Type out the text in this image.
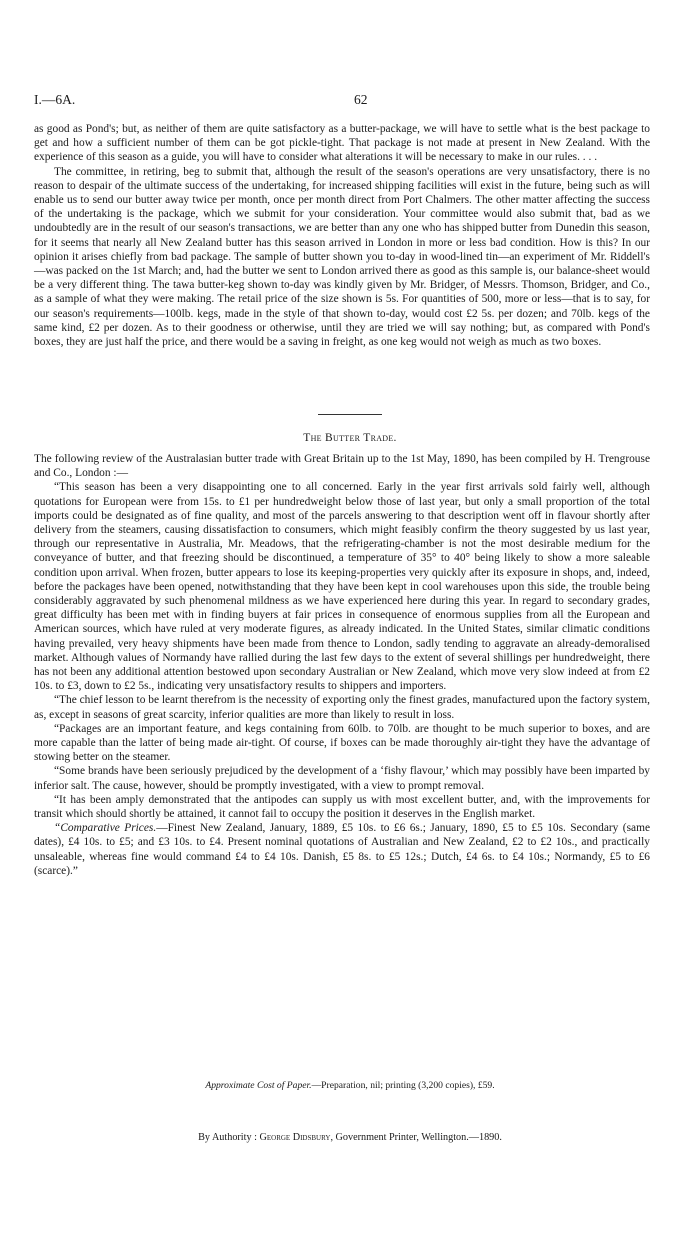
I.—6A.	62

as good as Pond's; but, as neither of them are quite satisfactory as a butter-package, we will have to settle what is the best package to get and how a sufficient number of them can be got pickle-tight. That package is not made at present in New Zealand. With the experience of this season as a guide, you will have to consider what alterations it will be necessary to make in our rules. . . .

The committee, in retiring, beg to submit that, although the result of the season's operations are very unsatisfactory, there is no reason to despair of the ultimate success of the undertaking, for increased shipping facilities will exist in the future, being such as will enable us to send our butter away twice per month, once per month direct from Port Chalmers. The other matter affecting the success of the undertaking is the package, which we submit for your consideration. Your committee would also submit that, bad as we undoubtedly are in the result of our season's transactions, we are better than any one who has shipped butter from Dunedin this season, for it seems that nearly all New Zealand butter has this season arrived in London in more or less bad condition. How is this? In our opinion it arises chiefly from bad package. The sample of butter shown you to-day in wood-lined tin—an experiment of Mr. Riddell's—was packed on the 1st March; and, had the butter we sent to London arrived there as good as this sample is, our balance-sheet would be a very different thing. The tawa butter-keg shown to-day was kindly given by Mr. Bridger, of Messrs. Thomson, Bridger, and Co., as a sample of what they were making. The retail price of the size shown is 5s. For quantities of 500, more or less—that is to say, for our season's requirements—100lb. kegs, made in the style of that shown to-day, would cost £2 5s. per dozen; and 70lb. kegs of the same kind, £2 per dozen. As to their goodness or otherwise, until they are tried we will say nothing; but, as compared with Pond's boxes, they are just half the price, and there would be a saving in freight, as one keg would not weigh as much as two boxes.

The Butter Trade.

The following review of the Australasian butter trade with Great Britain up to the 1st May, 1890, has been compiled by H. Trengrouse and Co., London :—

“This season has been a very disappointing one to all concerned. Early in the year first arrivals sold fairly well, although quotations for European were from 15s. to £1 per hundredweight below those of last year, but only a small proportion of the total imports could be designated as of fine quality, and most of the parcels answering to that description went off in flavour shortly after delivery from the steamers, causing dissatisfaction to consumers, which might feasibly confirm the theory suggested by us last year, through our representative in Australia, Mr. Meadows, that the refrigerating-chamber is not the most desirable medium for the conveyance of butter, and that freezing should be discontinued, a temperature of 35° to 40° being likely to show a more saleable condition upon arrival. When frozen, butter appears to lose its keeping-properties very quickly after its exposure in shops, and, indeed, before the packages have been opened, notwithstanding that they have been kept in cool warehouses upon this side, the trouble being considerably aggravated by such phenomenal mildness as we have experienced here during this year. In regard to secondary grades, great difficulty has been met with in finding buyers at fair prices in consequence of enormous supplies from all the European and American sources, which have ruled at very moderate figures, as already indicated. In the United States, similar climatic conditions having prevailed, very heavy shipments have been made from thence to London, sadly tending to aggravate an already-demoralised market. Although values of Normandy have rallied during the last few days to the extent of several shillings per hundredweight, there has not been any additional attention bestowed upon secondary Australian or New Zealand, which move very slow indeed at from £2 10s. to £3, down to £2 5s., indicating very unsatisfactory results to shippers and importers.

“The chief lesson to be learnt therefrom is the necessity of exporting only the finest grades, manufactured upon the factory system, as, except in seasons of great scarcity, inferior qualities are more than likely to result in loss.

“Packages are an important feature, and kegs containing from 60lb. to 70lb. are thought to be much superior to boxes, and are more capable than the latter of being made air-tight. Of course, if boxes can be made thoroughly air-tight they have the advantage of stowing better on the steamer.

“Some brands have been seriously prejudiced by the development of a ‘fishy flavour,’ which may possibly have been imparted by inferior salt. The cause, however, should be promptly investigated, with a view to prompt removal.

“It has been amply demonstrated that the antipodes can supply us with most excellent butter, and, with the improvements for transit which should shortly be attained, it cannot fail to occupy the position it deserves in the English market.

“Comparative Prices.—Finest New Zealand, January, 1889, £5 10s. to £6 6s.; January, 1890, £5 to £5 10s. Secondary (same dates), £4 10s. to £5; and £3 10s. to £4. Present nominal quotations of Australian and New Zealand, £2 to £2 10s., and practically unsaleable, whereas fine would command £4 to £4 10s. Danish, £5 8s. to £5 12s.; Dutch, £4 6s. to £4 10s.; Normandy, £5 to £6 (scarce).”

Approximate Cost of Paper.—Preparation, nil; printing (3,200 copies), £59.
By Authority : George Didsbury, Government Printer, Wellington.—1890.
